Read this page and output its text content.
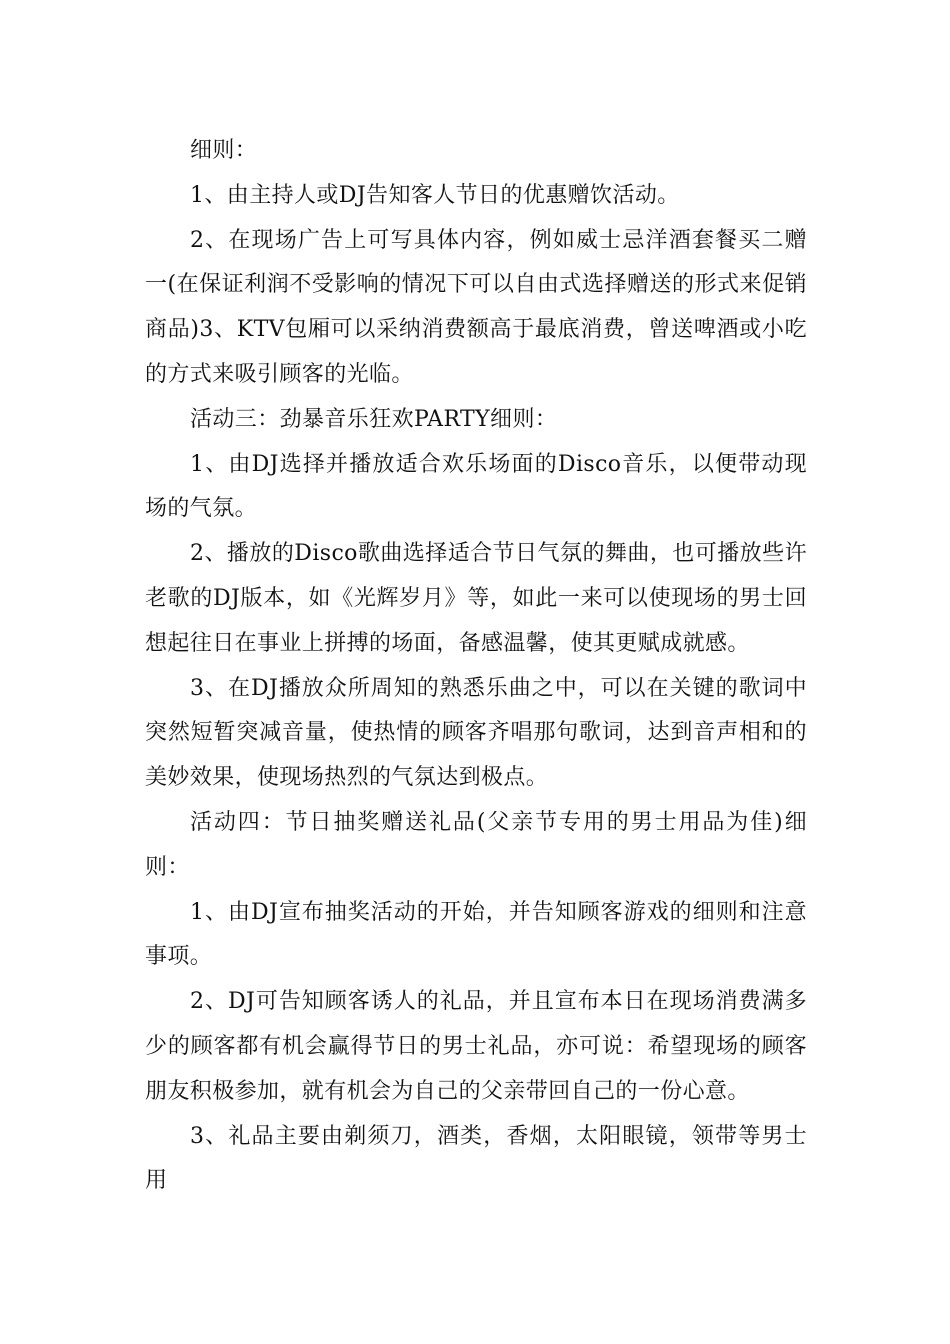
细则：

1、由主持人或DJ告知客人节日的优惠赠饮活动。

2、在现场广告上可写具体内容，例如威士忌洋酒套餐买二赠一(在保证利润不受影响的情况下可以自由式选择赠送的形式来促销商品)3、KTV包厢可以采纳消费额高于最底消费，曾送啤酒或小吃的方式来吸引顾客的光临。

活动三：劲暴音乐狂欢PARTY细则：

1、由DJ选择并播放适合欢乐场面的Disco音乐，以便带动现场的气氛。

2、播放的Disco歌曲选择适合节日气氛的舞曲，也可播放些许老歌的DJ版本，如《光辉岁月》等，如此一来可以使现场的男士回想起往日在事业上拼搏的场面，备感温馨，使其更赋成就感。

3、在DJ播放众所周知的熟悉乐曲之中，可以在关键的歌词中突然短暂突减音量，使热情的顾客齐唱那句歌词，达到音声相和的美妙效果，使现场热烈的气氛达到极点。

活动四：节日抽奖赠送礼品(父亲节专用的男士用品为佳)细则：

1、由DJ宣布抽奖活动的开始，并告知顾客游戏的细则和注意事项。

2、DJ可告知顾客诱人的礼品，并且宣布本日在现场消费满多少的顾客都有机会赢得节日的男士礼品，亦可说：希望现场的顾客朋友积极参加，就有机会为自己的父亲带回自己的一份心意。

3、礼品主要由剃须刀，酒类，香烟，太阳眼镜，领带等男士用
